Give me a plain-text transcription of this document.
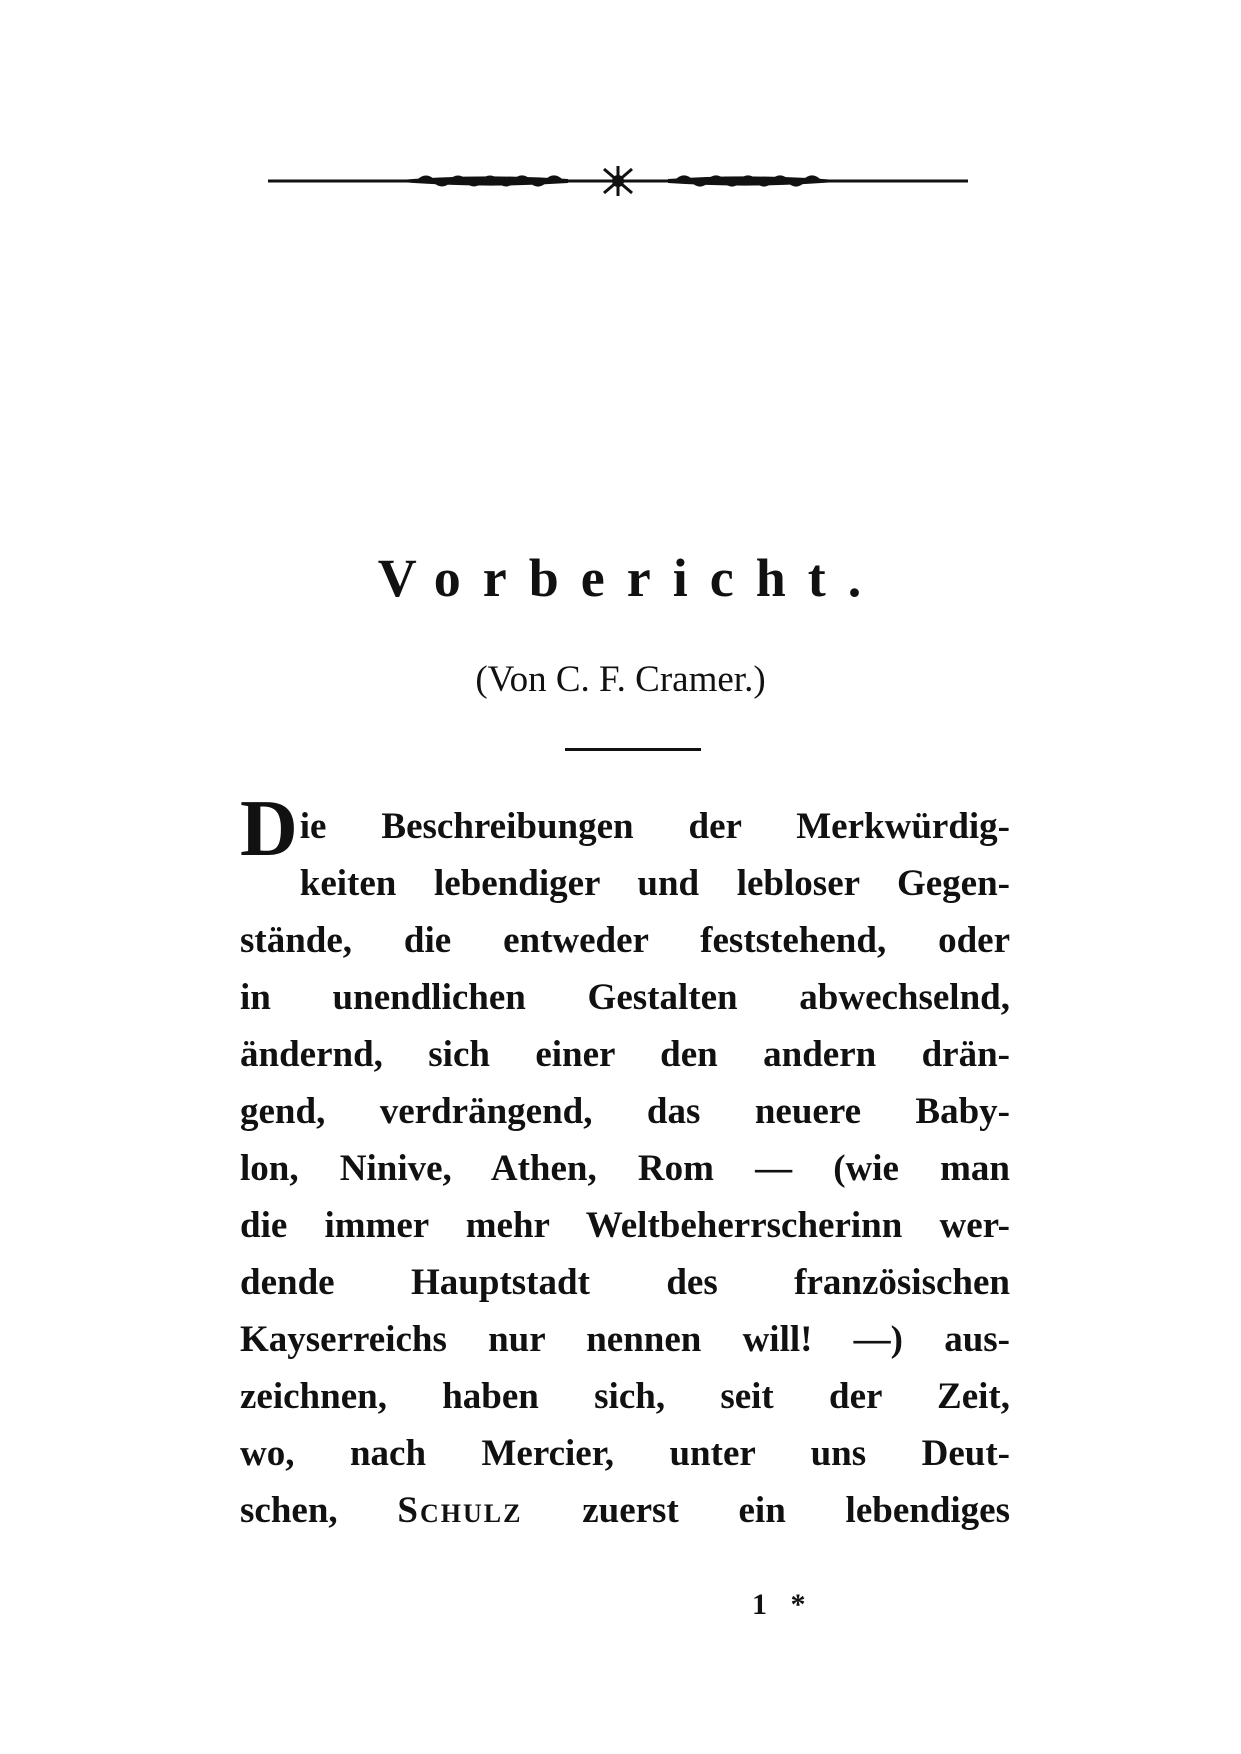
Vorbericht.
(Von C. F. Cramer.)
D ie Beschreibungen der Merkwürdig-
keiten lebendiger und lebloser Gegen-
stände, die entweder feststehend, oder
in unendlichen Gestalten abwechselnd,
ändernd, sich einer den andern drän-
gend, verdrängend, das neuere Baby-
lon, Ninive, Athen, Rom — (wie man
die immer mehr Weltbeherrscherinn wer-
dende Hauptstadt des französischen
Kayserreichs nur nennen will! —) aus-
zeichnen, haben sich, seit der Zeit,
wo, nach Mercier, unter uns Deut-
schen, Schulz zuerst ein lebendiges
1 *
